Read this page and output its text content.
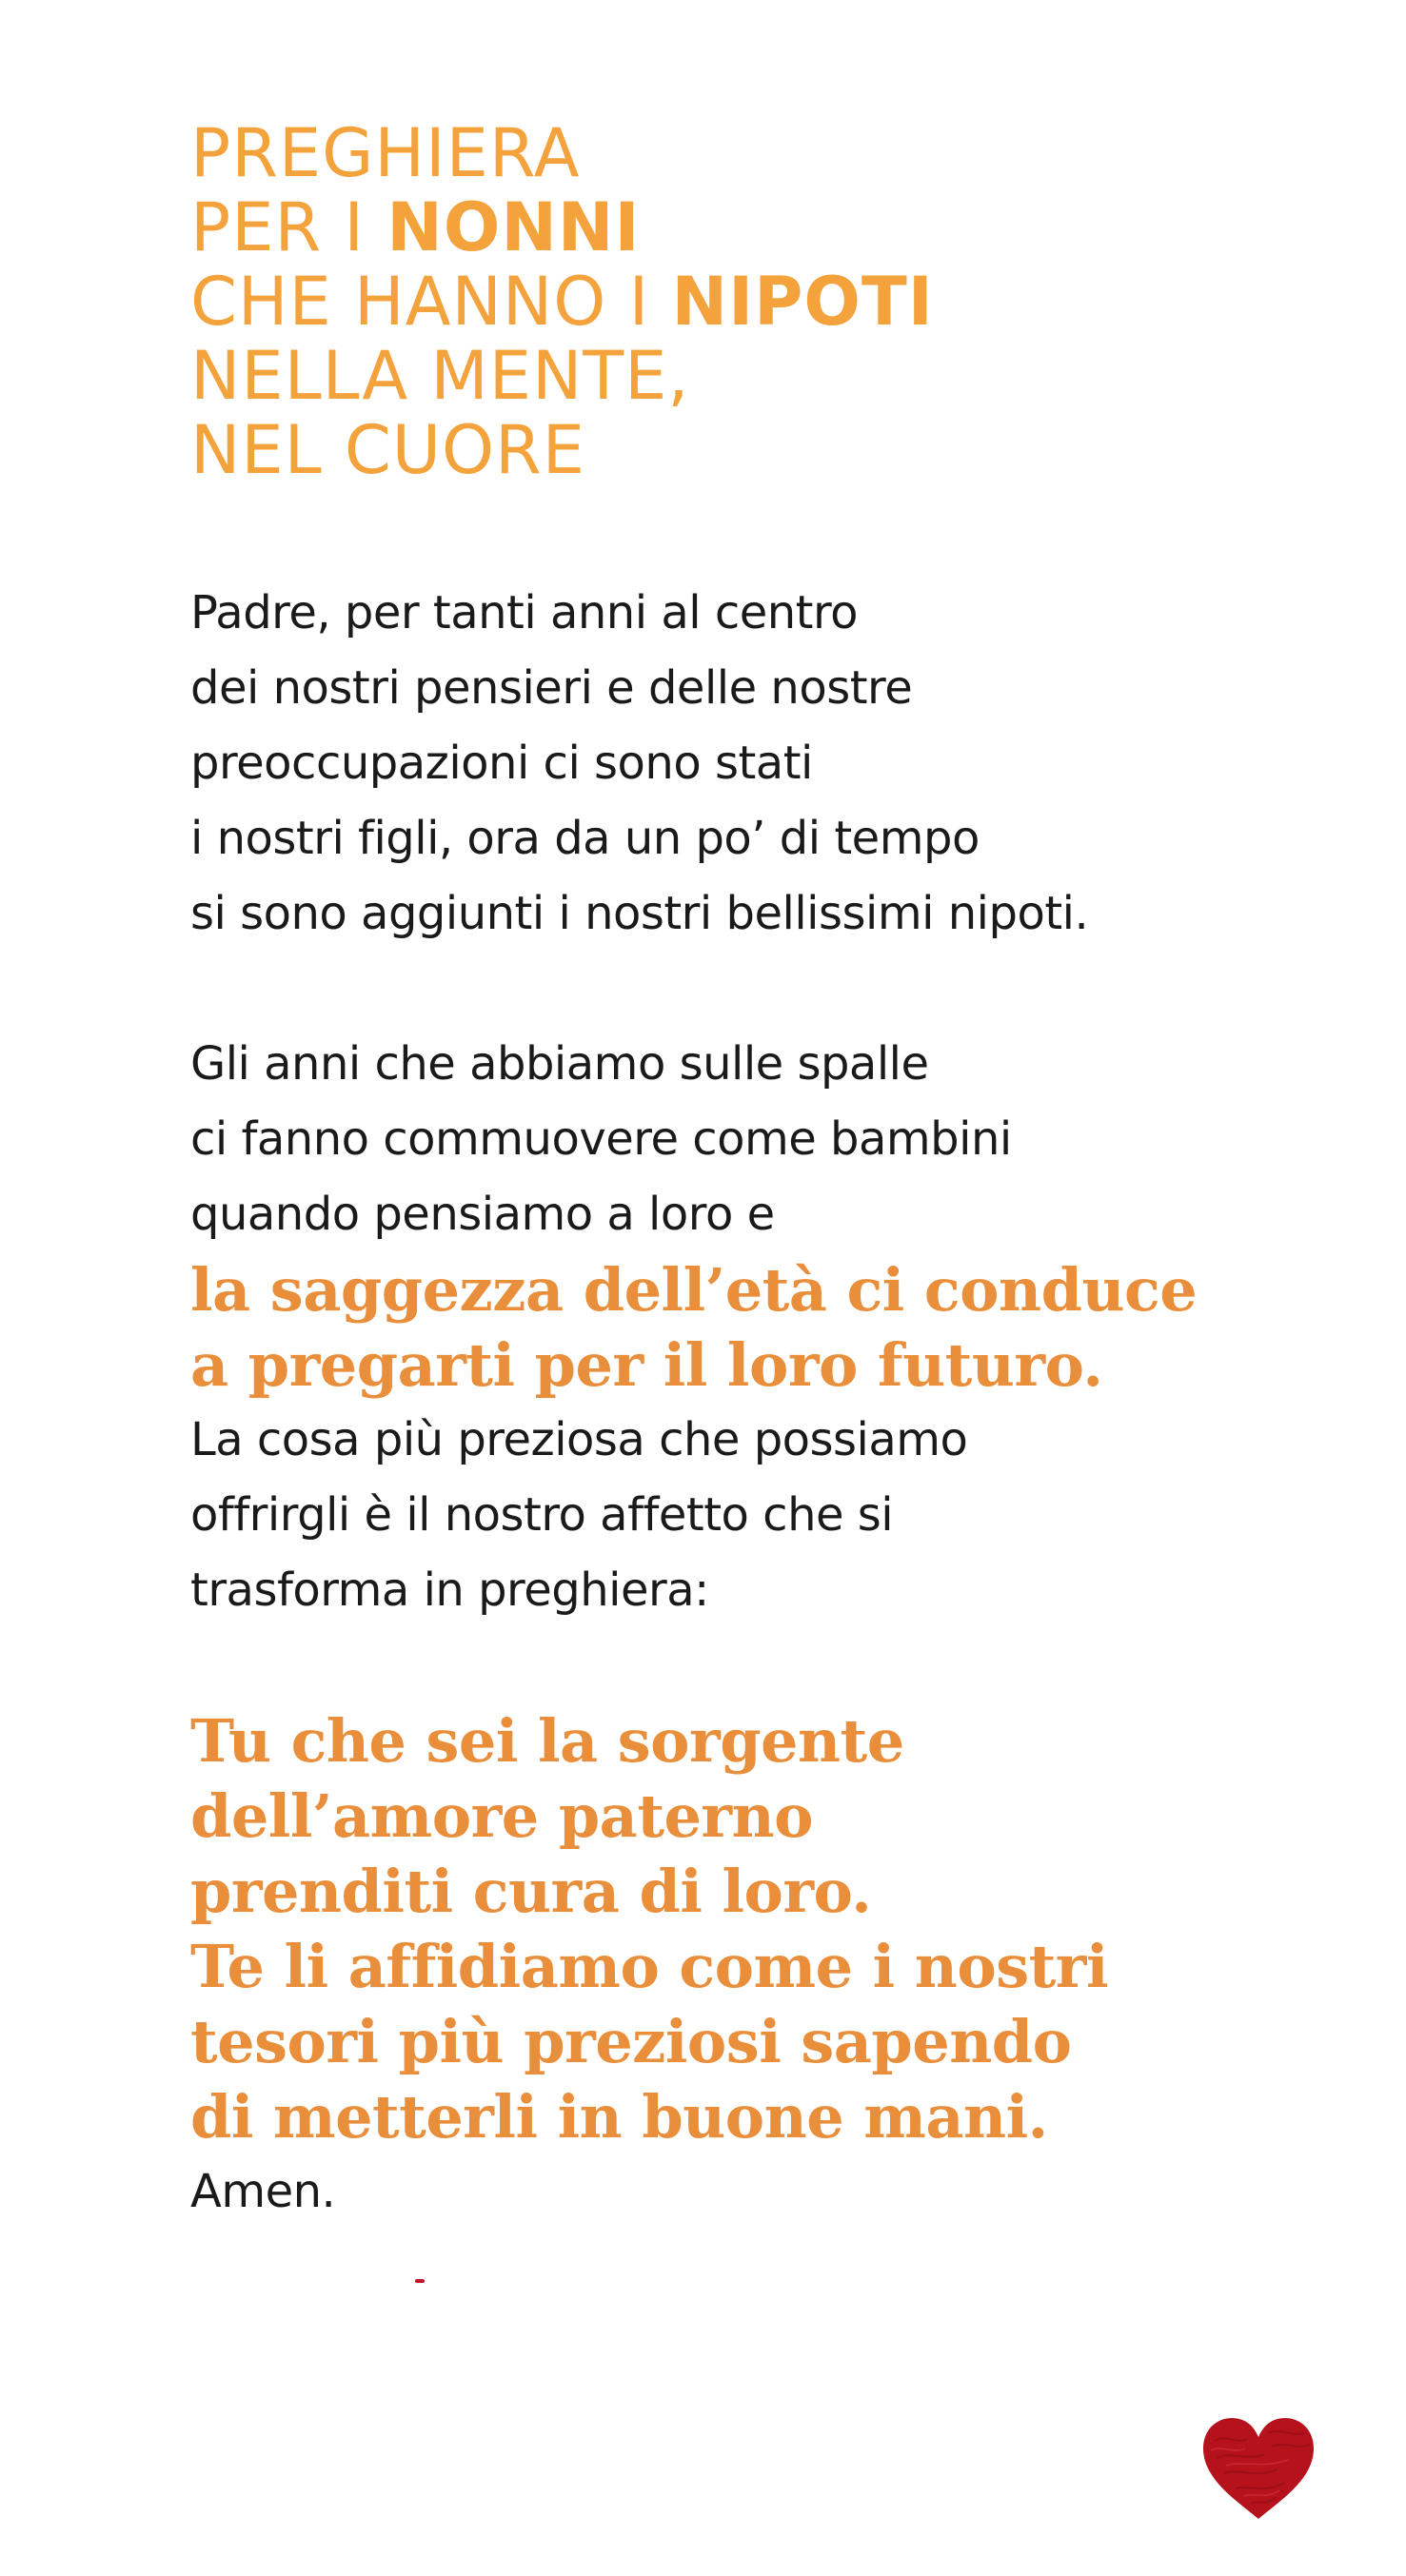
PREGHIERA
PER I NONNI
CHE HANNO I NIPOTI
NELLA MENTE,
NEL CUORE

Padre, per tanti anni al centro
dei nostri pensieri e delle nostre
preoccupazioni ci sono stati
i nostri figli, ora da un po’ di tempo
si sono aggiunti i nostri bellissimi nipoti.

Gli anni che abbiamo sulle spalle
ci fanno commuovere come bambini
quando pensiamo a loro e

la saggezza dell’età ci conduce
a pregarti per il loro futuro.

La cosa più preziosa che possiamo
offrirgli è il nostro affetto che si
trasforma in preghiera:

Tu che sei la sorgente
dell’amore paterno
prenditi cura di loro.
Te li affidiamo come i nostri
tesori più preziosi sapendo
di metterli in buone mani.

Amen.
